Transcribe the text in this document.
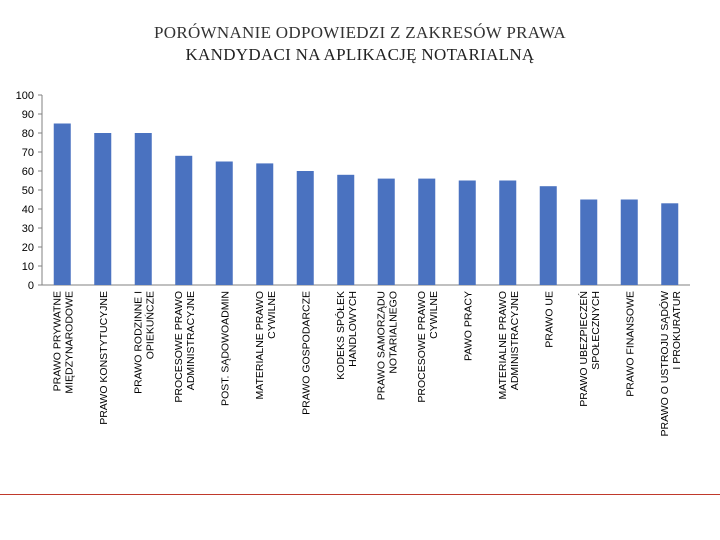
PORÓWNANIE ODPOWIEDZI Z ZAKRESÓW PRAWA
KANDYDACI NA APLIKACJĘ NOTARIALNĄ
0
10
20
30
40
50
60
70
80
90
100
PRAWO PRYWATNEMIĘDZYNARODOWE PRAWO KONSTYTUCYJNE PRAWO RODZINNE IOPIEKUŃCZE PROCESOWE PRAWOADMINISTRACYJNE POST. SĄDOWOADMIN MATERIALNE PRAWOCYWILNE PRAWO GOSPODARCZE KODEKS SPÓŁEKHANDLOWYCH PRAWO SAMORZĄDUNOTARIALNEGO PROCESOWE PRAWOCYWILNE PAWO PRACY MATERIALNE PRAWOADMINISTRACYJNE PRAWO UE PRAWO UBEZPIECZEŃSPOŁECZNYCH PRAWO FINANSOWE PRAWO O USTROJU SĄDÓWI PROKURATUR
